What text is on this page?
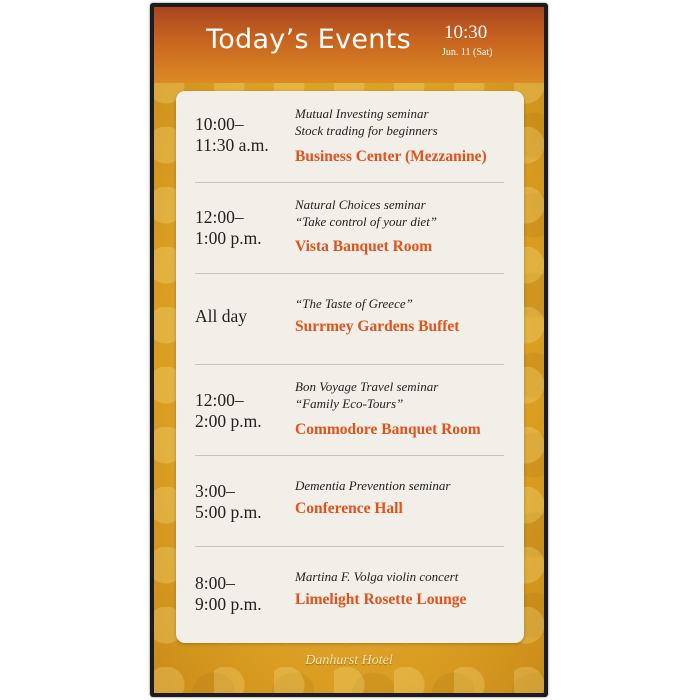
Today’s Events 10:30
Jun. 11 (Sat)
10:00–
11:30 a.m.
Mutual Investing seminar
Stock trading for beginners
Business Center (Mezzanine)
12:00–
1:00 p.m.
Natural Choices seminar
“Take control of your diet”
Vista Banquet Room
All day
“The Taste of Greece”
Surrmey Gardens Buffet
12:00–
2:00 p.m.
Bon Voyage Travel seminar
“Family Eco-Tours”
Commodore Banquet Room
3:00–
5:00 p.m.
Dementia Prevention seminar
Conference Hall
8:00–
9:00 p.m.
Martina F. Volga violin concert
Limelight Rosette Lounge
Danhurst Hotel
